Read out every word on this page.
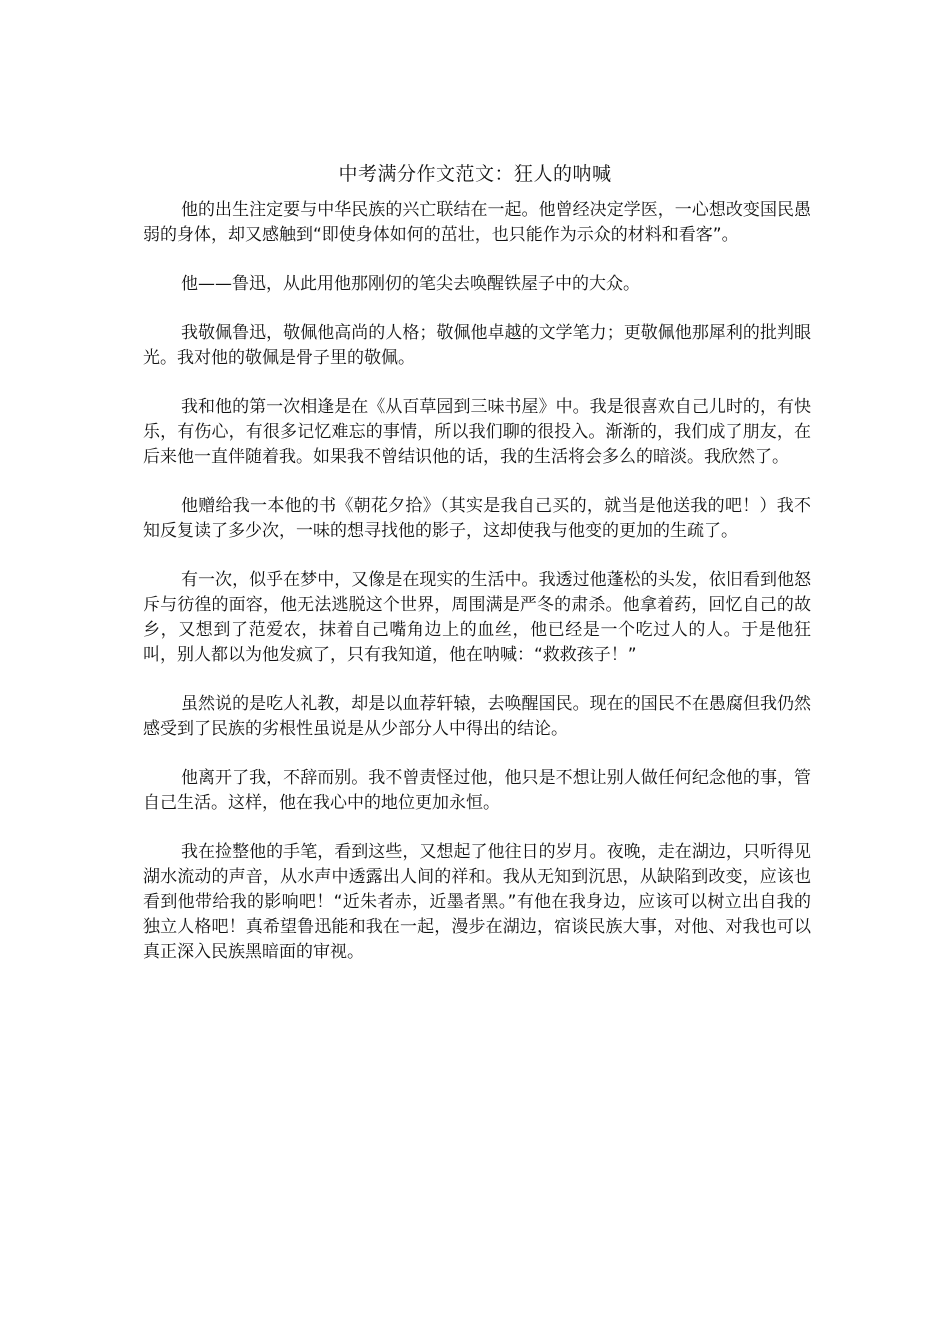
中考满分作文范文：狂人的呐喊

他的出生注定要与中华民族的兴亡联结在一起。他曾经决定学医，一心想改变国民愚弱的身体，却又感触到“即使身体如何的茁壮，也只能作为示众的材料和看客”。

他——鲁迅，从此用他那刚仞的笔尖去唤醒铁屋子中的大众。

我敬佩鲁迅，敬佩他高尚的人格；敬佩他卓越的文学笔力；更敬佩他那犀利的批判眼光。我对他的敬佩是骨子里的敬佩。

我和他的第一次相逢是在《从百草园到三味书屋》中。我是很喜欢自己儿时的，有快乐，有伤心，有很多记忆难忘的事情，所以我们聊的很投入。渐渐的，我们成了朋友，在后来他一直伴随着我。如果我不曾结识他的话，我的生活将会多么的暗淡。我欣然了。

他赠给我一本他的书《朝花夕拾》（其实是我自己买的，就当是他送我的吧！）我不知反复读了多少次，一味的想寻找他的影子，这却使我与他变的更加的生疏了。

有一次，似乎在梦中，又像是在现实的生活中。我透过他蓬松的头发，依旧看到他怒斥与彷徨的面容，他无法逃脱这个世界，周围满是严冬的肃杀。他拿着药，回忆自己的故乡，又想到了范爱农，抹着自己嘴角边上的血丝，他已经是一个吃过人的人。于是他狂叫，别人都以为他发疯了，只有我知道，他在呐喊：“救救孩子！”

虽然说的是吃人礼教，却是以血荐轩辕，去唤醒国民。现在的国民不在愚腐但我仍然感受到了民族的劣根性虽说是从少部分人中得出的结论。

他离开了我，不辞而别。我不曾责怪过他，他只是不想让别人做任何纪念他的事，管自己生活。这样，他在我心中的地位更加永恒。

我在捡整他的手笔，看到这些，又想起了他往日的岁月。夜晚，走在湖边，只听得见湖水流动的声音，从水声中透露出人间的祥和。我从无知到沉思，从缺陷到改变，应该也看到他带给我的影响吧！“近朱者赤，近墨者黑。”有他在我身边，应该可以树立出自我的独立人格吧！真希望鲁迅能和我在一起，漫步在湖边，宿谈民族大事，对他、对我也可以真正深入民族黑暗面的审视。
